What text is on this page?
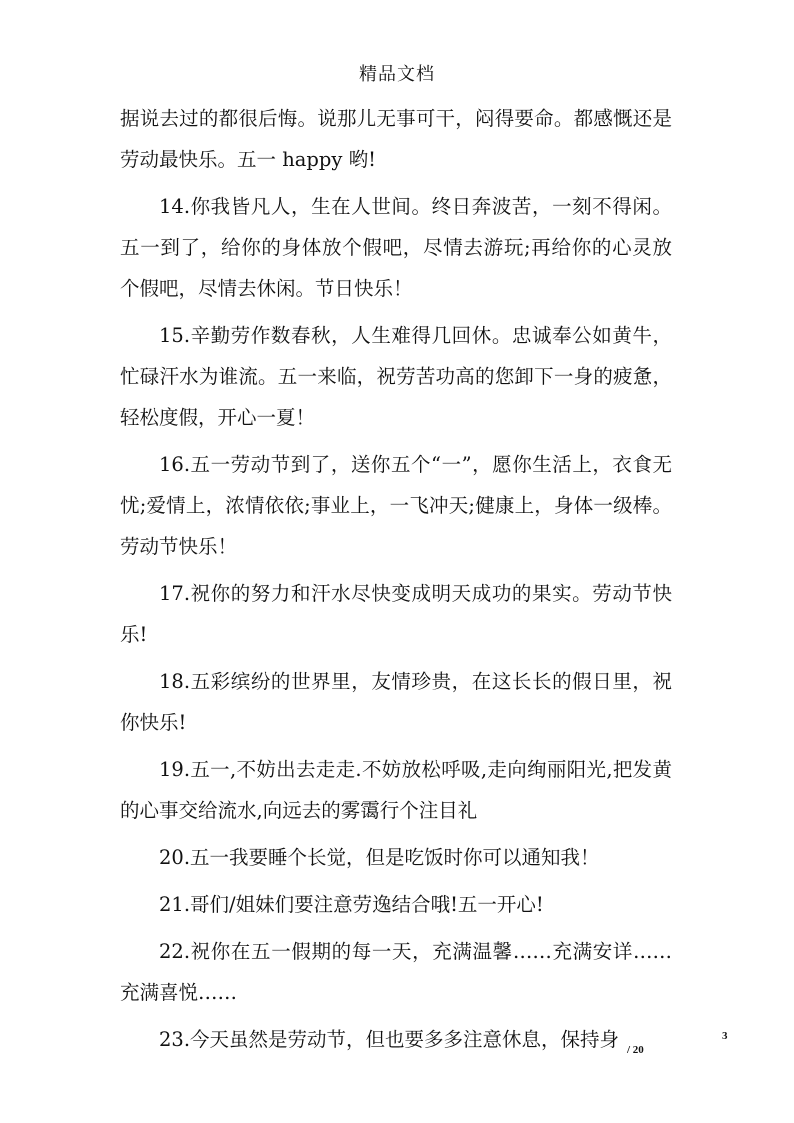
精品文档

据说去过的都很后悔。说那儿无事可干，闷得要命。都感慨还是劳动最快乐。五一 happy 哟!

14.你我皆凡人，生在人世间。终日奔波苦，一刻不得闲。五一到了，给你的身体放个假吧，尽情去游玩;再给你的心灵放个假吧，尽情去休闲。节日快乐！

15.辛勤劳作数春秋，人生难得几回休。忠诚奉公如黄牛，忙碌汗水为谁流。五一来临，祝劳苦功高的您卸下一身的疲惫，轻松度假，开心一夏！

16.五一劳动节到了，送你五个“一”，愿你生活上，衣食无忧;爱情上，浓情依依;事业上，一飞冲天;健康上，身体一级棒。劳动节快乐！

17.祝你的努力和汗水尽快变成明天成功的果实。劳动节快乐!

18.五彩缤纷的世界里，友情珍贵，在这长长的假日里，祝你快乐!

19.五一,不妨出去走走.不妨放松呼吸,走向绚丽阳光,把发黄的心事交给流水,向远去的雾霭行个注目礼

20.五一我要睡个长觉，但是吃饭时你可以通知我！

21.哥们/姐妹们要注意劳逸结合哦!五一开心!

22.祝你在五一假期的每一天，充满温馨……充满安详……充满喜悦……

23.今天虽然是劳动节，但也要多多注意休息，保持身	3
/ 20
